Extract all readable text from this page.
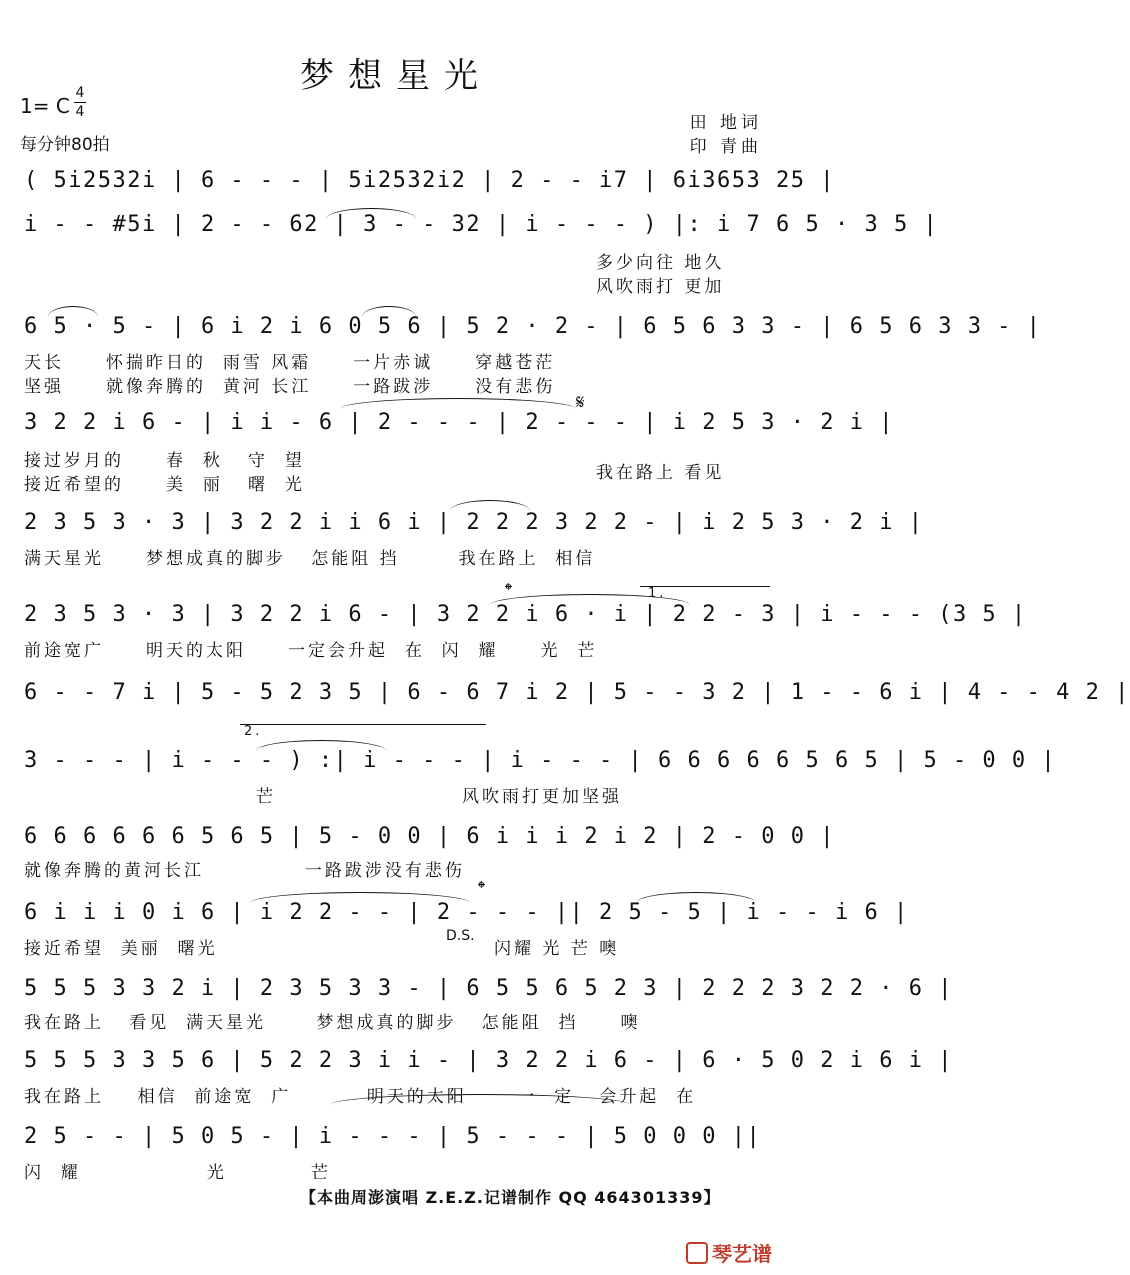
梦想星光
1= C
4
4
每分钟80拍
田 地词
印 青曲
( 5i2532i | 6 - - - | 5i2532i2 | 2 - - i7 | 6i3653 25 |
i - - #5i | 2 - - 62 | 3 - - 32 | i - - - ) |: i 7 6 5 · 3 5 |
多少向往 地久
风吹雨打 更加
6 5 · 5 - | 6 i 2 i 6 0 5 6 | 5 2 · 2 - | 6 5 6 3 3 - | 6 5 6 3 3 - |
天长     怀揣昨日的  雨雪 风霜     一片赤诚     穿越苍茫
坚强     就像奔腾的  黄河 长江     一路跋涉     没有悲伤
3 2 2 i 6 - | i i - 6 | 2 - - - | 2 - - - | i 2 5 3 · 2 i |
接过岁月的     春  秋   守  望
接近希望的     美  丽   曙  光
我在路上 看见
𝄋
2 3 5 3 · 3 | 3 2 2 i i 6 i | 2 2 2 3 2 2 - | i 2 5 3 · 2 i |
满天星光     梦想成真的脚步   怎能阻 挡       我在路上  相信
2 3 5 3 · 3 | 3 2 2 i 6 - | 3 2 2 i 6 · i | 2 2 - 3 | i - - - (3 5 |
前途宽广     明天的太阳     一定会升起  在  闪  耀     光  芒
1.
𝄌
6 - - 7 i | 5 - 5 2 3 5 | 6 - 6 7 i 2 | 5 - - 3 2 | 1 - - 6 i | 4 - - 4 2 |
3 - - - | i - - - ) :| i - - - | i - - - | 6 6 6 6 6 5 6 5 | 5 - 0 0 |
芒	风吹雨打更加坚强
2.
6 6 6 6 6 6 5 6 5 | 5 - 0 0 | 6 i i i 2 i 2 | 2 - 0 0 |
就像奔腾的黄河长江            一路跋涉没有悲伤
6 i i i 0 i 6 | i 2 2 - - | 2 - - - || 2 5 - 5 | i - - i 6 |
接近希望  美丽  曙光	闪耀 光 芒 噢
D.S.
𝄌
5 5 5 3 3 2 i | 2 3 5 3 3 - | 6 5 5 6 5 2 3 | 2 2 2 3 2 2 · 6 |
我在路上   看见  满天星光      梦想成真的脚步   怎能阻  挡     噢
5 5 5 3 3 5 6 | 5 2 2 3 i i - | 3 2 2 i 6 - | 6 · 5 0 2 i 6 i |
我在路上    相信  前途宽  广         明天的太阳      一  定   会升起  在
2 5 - - | 5 0 5 - | i - - - | 5 - - - | 5 0 0 0 ||
闪  耀               光          芒
【本曲周澎演唱 Z.E.Z.记谱制作 QQ 464301339】
琴艺谱
